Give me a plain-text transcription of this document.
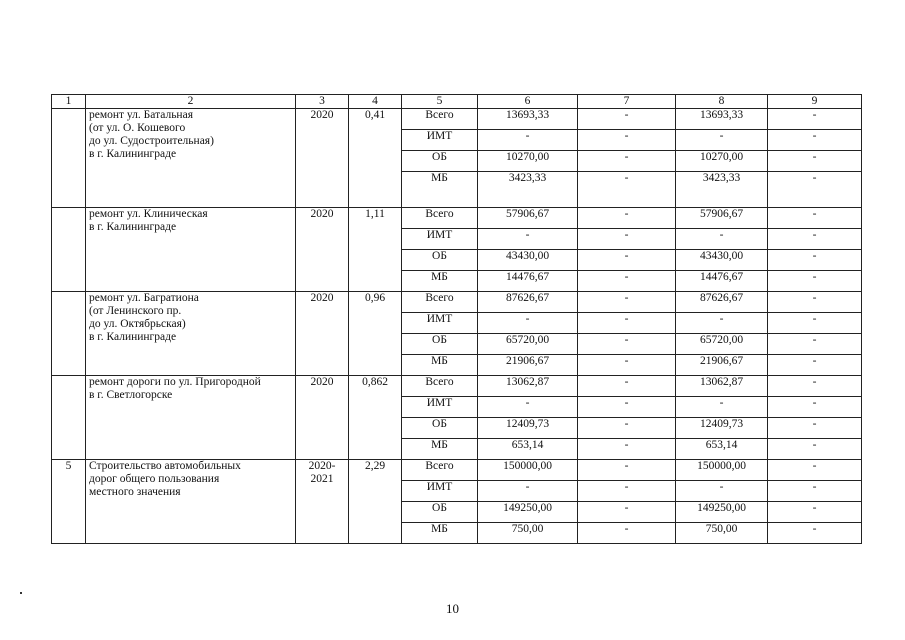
1	2	3	4	5	6	7	8	9
	ремонт ул. Батальная
(от ул. О. Кошевого
до ул. Судостроительная)
в г. Калининграде	2020	0,41	Всего	13693,33	-	13693,33	-
				ИМТ	-	-	-	-
				ОБ	10270,00	-	10270,00	-
				МБ	3423,33	-	3423,33	-
	ремонт ул. Клиническая
в г. Калининграде	2020	1,11	Всего	57906,67	-	57906,67	-
				ИМТ	-	-	-	-
				ОБ	43430,00	-	43430,00	-
				МБ	14476,67	-	14476,67	-
	ремонт ул. Багратиона
(от Ленинского пр.
до ул. Октябрьская)
в г. Калининграде	2020	0,96	Всего	87626,67	-	87626,67	-
				ИМТ	-	-	-	-
				ОБ	65720,00	-	65720,00	-
				МБ	21906,67	-	21906,67	-
	ремонт дороги по ул. Пригородной
в г. Светлогорске	2020	0,862	Всего	13062,87	-	13062,87	-
				ИМТ	-	-	-	-
				ОБ	12409,73	-	12409,73	-
				МБ	653,14	-	653,14	-
5	Строительство автомобильных
дорог общего пользования
местного значения	2020-
2021	2,29	Всего	150000,00	-	150000,00	-
				ИМТ	-	-	-	-
				ОБ	149250,00	-	149250,00	-
				МБ	750,00	-	750,00	-
10
